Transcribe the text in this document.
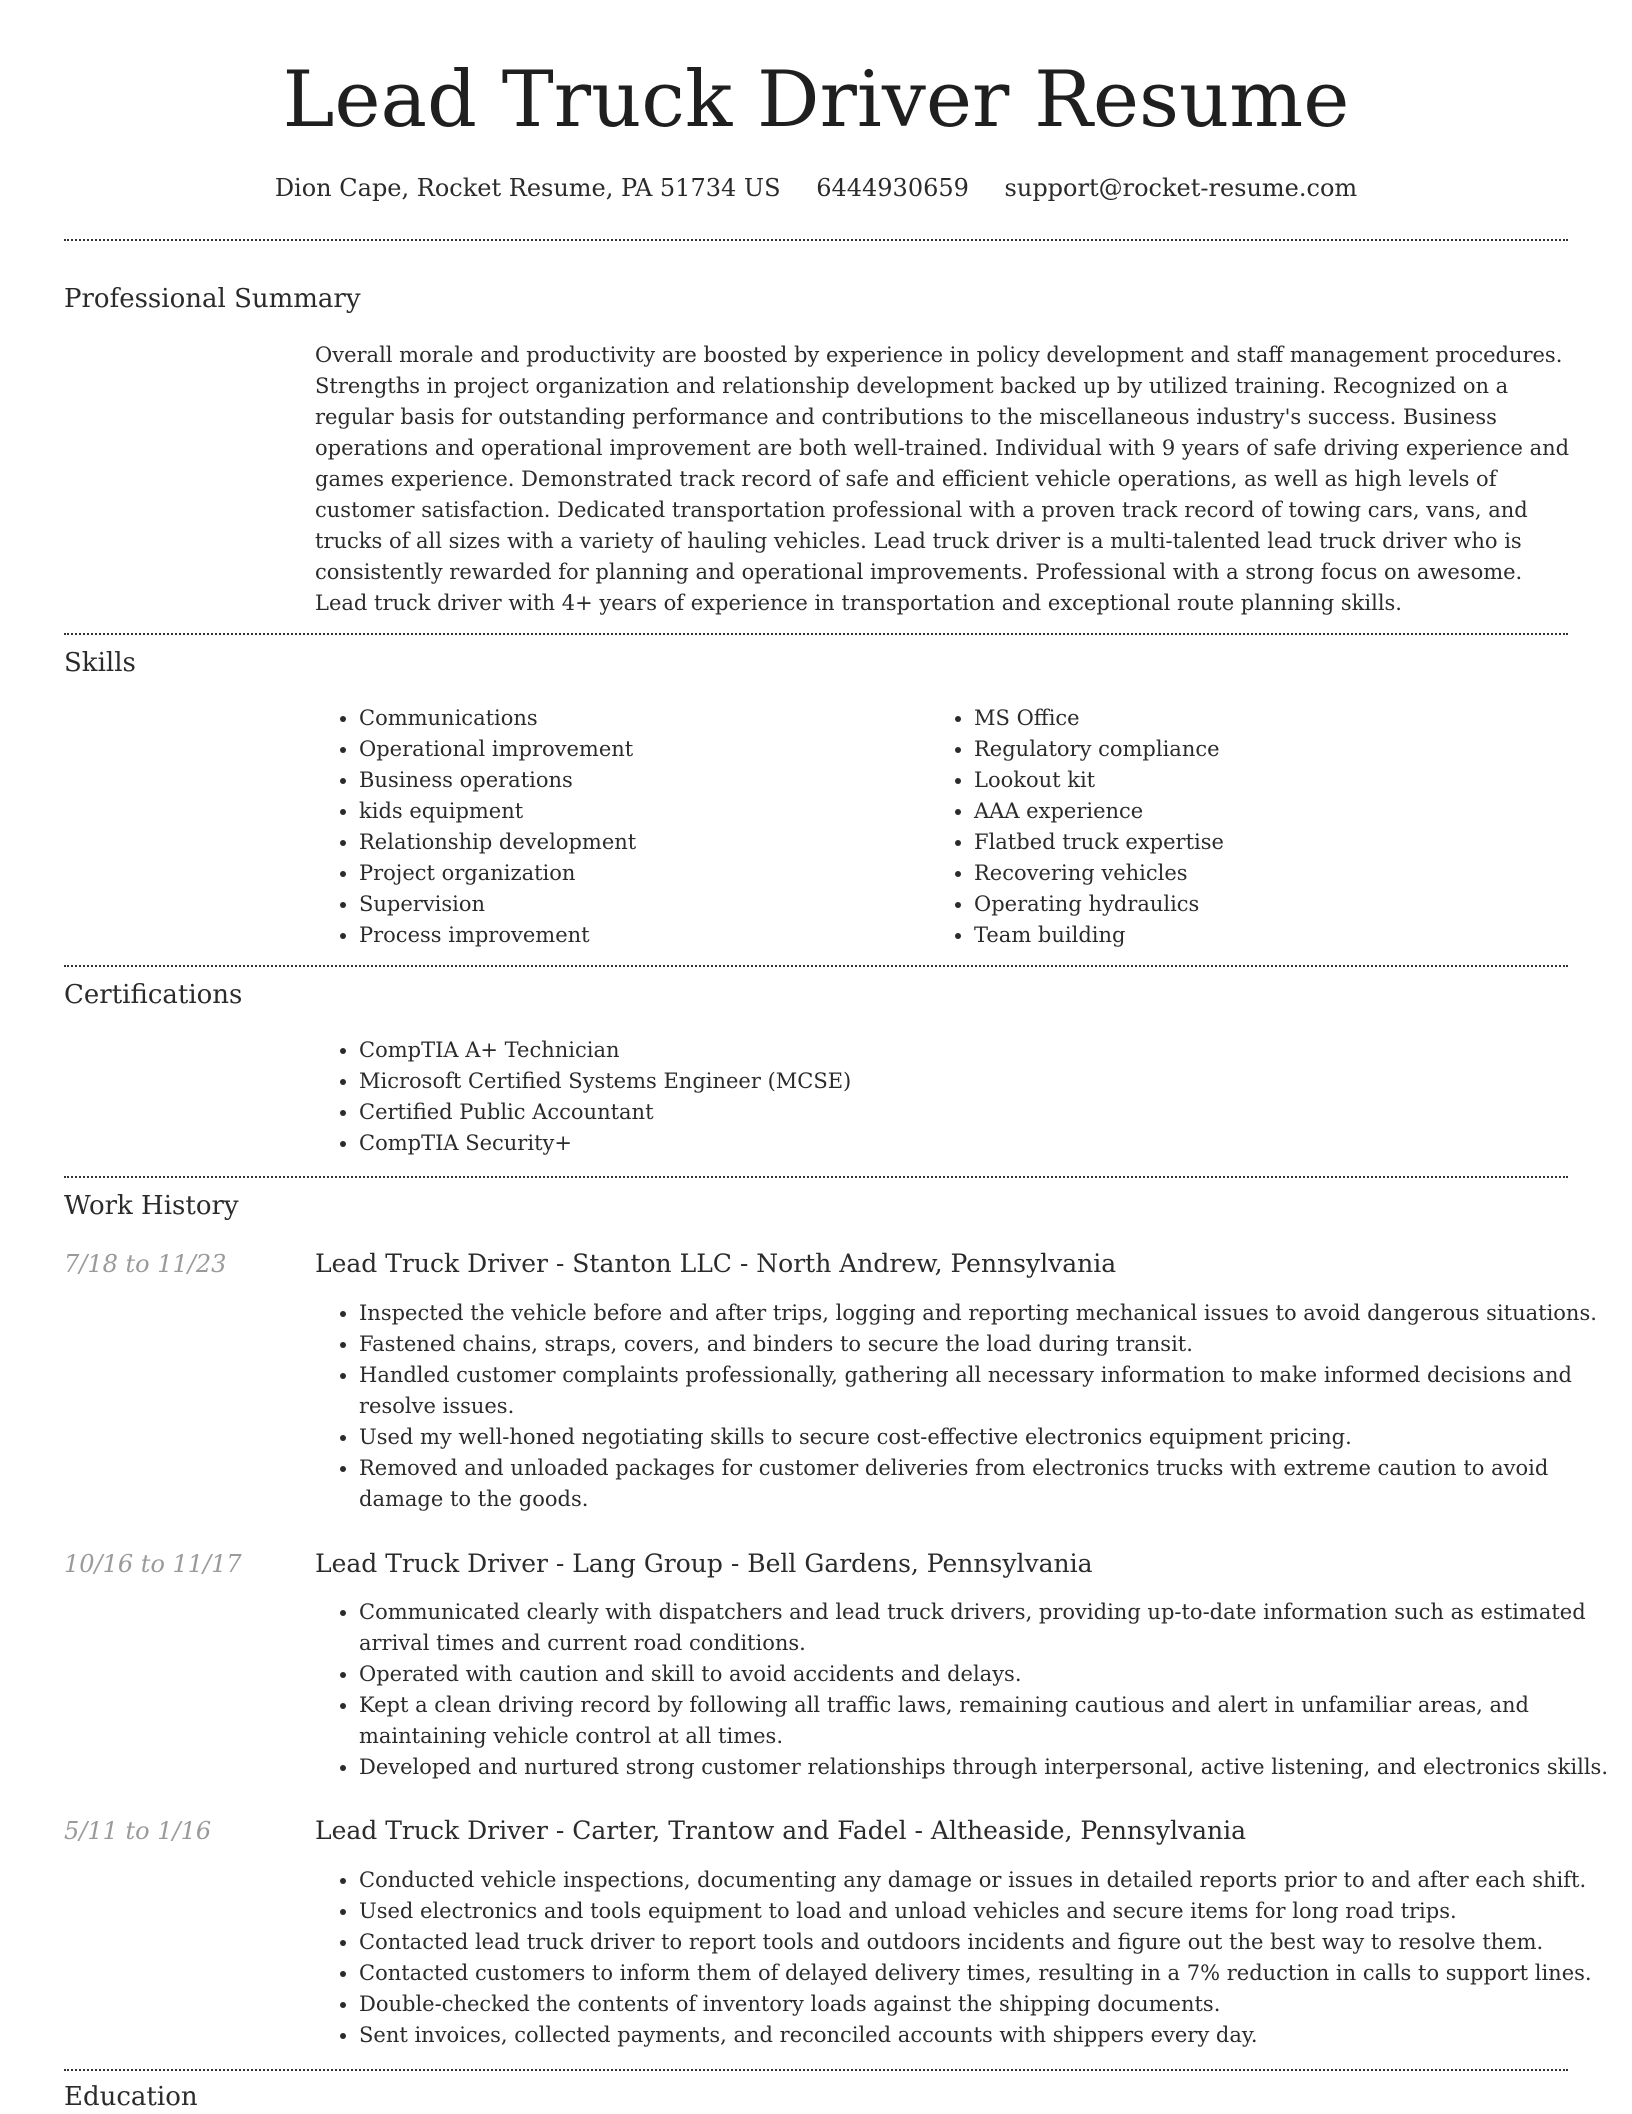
Lead Truck Driver Resume
Dion Cape, Rocket Resume, PA 51734 US 6444930659 support@rocket-resume.com
Professional Summary

Overall morale and productivity are boosted by experience in policy development and staff management procedures. Strengths in project organization and relationship development backed up by utilized training. Recognized on a regular basis for outstanding performance and contributions to the miscellaneous industry's success. Business operations and operational improvement are both well-trained. Individual with 9 years of safe driving experience and games experience. Demonstrated track record of safe and efficient vehicle operations, as well as high levels of customer satisfaction. Dedicated transportation professional with a proven track record of towing cars, vans, and trucks of all sizes with a variety of hauling vehicles. Lead truck driver is a multi-talented lead truck driver who is consistently rewarded for planning and operational improvements. Professional with a strong focus on awesome. Lead truck driver with 4+ years of experience in transportation and exceptional route planning skills.

Skills
• Communications
• Operational improvement
• Business operations
• kids equipment
• Relationship development
• Project organization
• Supervision
• Process improvement
• MS Office
• Regulatory compliance
• Lookout kit
• AAA experience
• Flatbed truck expertise
• Recovering vehicles
• Operating hydraulics
• Team building
Certifications
• CompTIA A+ Technician
• Microsoft Certified Systems Engineer (MCSE)
• Certified Public Accountant
• CompTIA Security+
Work History
7/18 to 11/23	Lead Truck Driver - Stanton LLC - North Andrew, Pennsylvania
• Inspected the vehicle before and after trips, logging and reporting mechanical issues to avoid dangerous situations.
• Fastened chains, straps, covers, and binders to secure the load during transit.
• Handled customer complaints professionally, gathering all necessary information to make informed decisions and resolve issues.
• Used my well-honed negotiating skills to secure cost-effective electronics equipment pricing.
• Removed and unloaded packages for customer deliveries from electronics trucks with extreme caution to avoid damage to the goods.
10/16 to 11/17	Lead Truck Driver - Lang Group - Bell Gardens, Pennsylvania
• Communicated clearly with dispatchers and lead truck drivers, providing up-to-date information such as estimated arrival times and current road conditions.
• Operated with caution and skill to avoid accidents and delays.
• Kept a clean driving record by following all traffic laws, remaining cautious and alert in unfamiliar areas, and maintaining vehicle control at all times.
• Developed and nurtured strong customer relationships through interpersonal, active listening, and electronics skills.
5/11 to 1/16	Lead Truck Driver - Carter, Trantow and Fadel - Altheaside, Pennsylvania
• Conducted vehicle inspections, documenting any damage or issues in detailed reports prior to and after each shift.
• Used electronics and tools equipment to load and unload vehicles and secure items for long road trips.
• Contacted lead truck driver to report tools and outdoors incidents and figure out the best way to resolve them.
• Contacted customers to inform them of delayed delivery times, resulting in a 7% reduction in calls to support lines.
• Double-checked the contents of inventory loads against the shipping documents.
• Sent invoices, collected payments, and reconciled accounts with shippers every day.
Education
